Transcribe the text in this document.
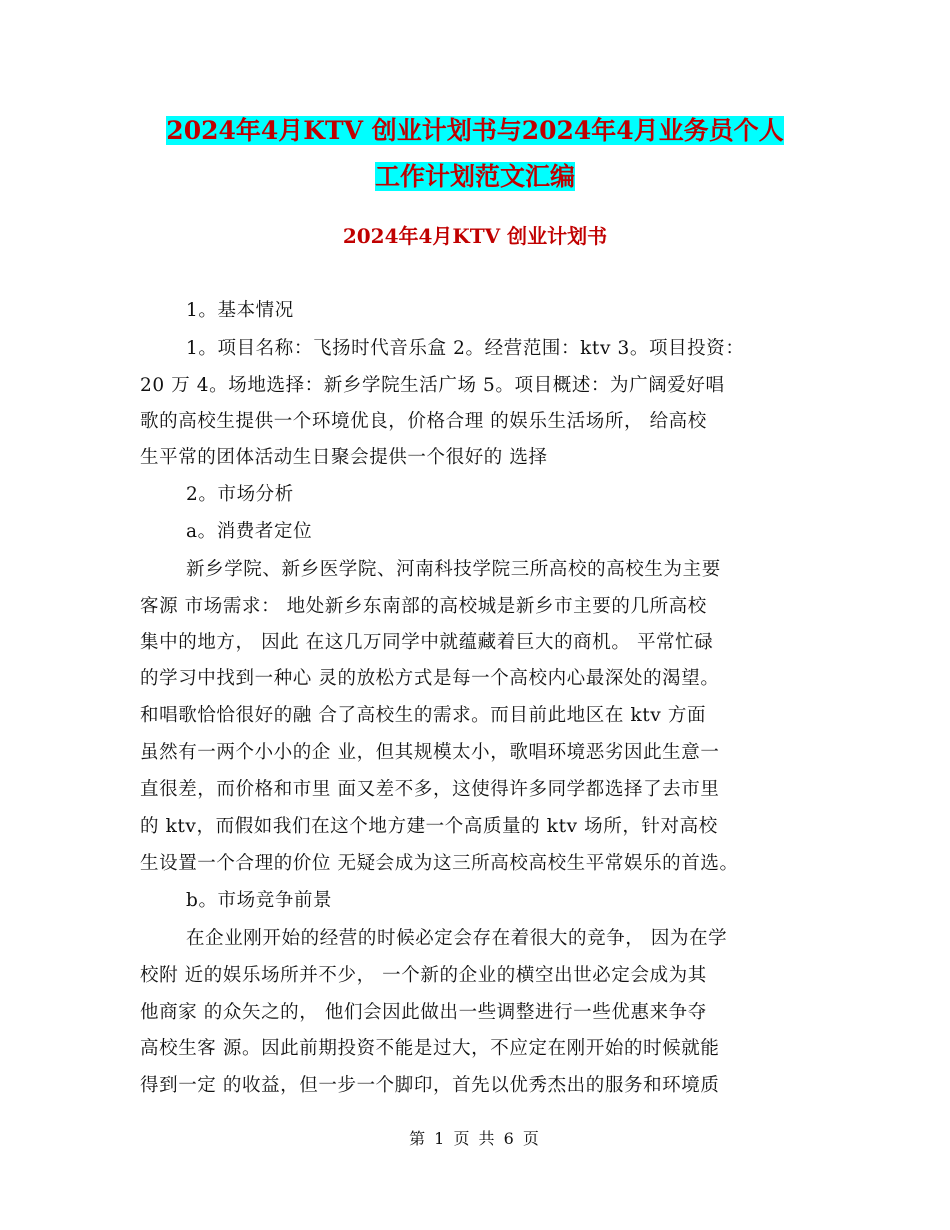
2024年4月KTV 创业计划书与2024年4月业务员个人
工作计划范文汇编
2024年4月KTV 创业计划书
1。基本情况
1。项目名称：飞扬时代音乐盒 2。经营范围：ktv 3。项目投资：
20 万 4。场地选择：新乡学院生活广场 5。项目概述：为广阔爱好唱
歌的高校生提供一个环境优良，价格合理 的娱乐生活场所， 给高校
生平常的团体活动生日聚会提供一个很好的 选择
2。市场分析
a。消费者定位
新乡学院、新乡医学院、河南科技学院三所高校的高校生为主要
客源 市场需求： 地处新乡东南部的高校城是新乡市主要的几所高校
集中的地方， 因此 在这几万同学中就蕴藏着巨大的商机。 平常忙碌
的学习中找到一种心 灵的放松方式是每一个高校内心最深处的渴望。
和唱歌恰恰很好的融 合了高校生的需求。而目前此地区在 ktv 方面
虽然有一两个小小的企 业，但其规模太小，歌唱环境恶劣因此生意一
直很差，而价格和市里 面又差不多，这使得许多同学都选择了去市里
的 ktv，而假如我们在这个地方建一个高质量的 ktv 场所，针对高校
生设置一个合理的价位 无疑会成为这三所高校高校生平常娱乐的首选。
b。市场竞争前景
在企业刚开始的经营的时候必定会存在着很大的竞争， 因为在学
校附 近的娱乐场所并不少， 一个新的企业的横空出世必定会成为其
他商家 的众矢之的， 他们会因此做出一些调整进行一些优惠来争夺
高校生客 源。因此前期投资不能是过大，不应定在刚开始的时候就能
得到一定 的收益，但一步一个脚印，首先以优秀杰出的服务和环境质
第 1 页 共 6 页
